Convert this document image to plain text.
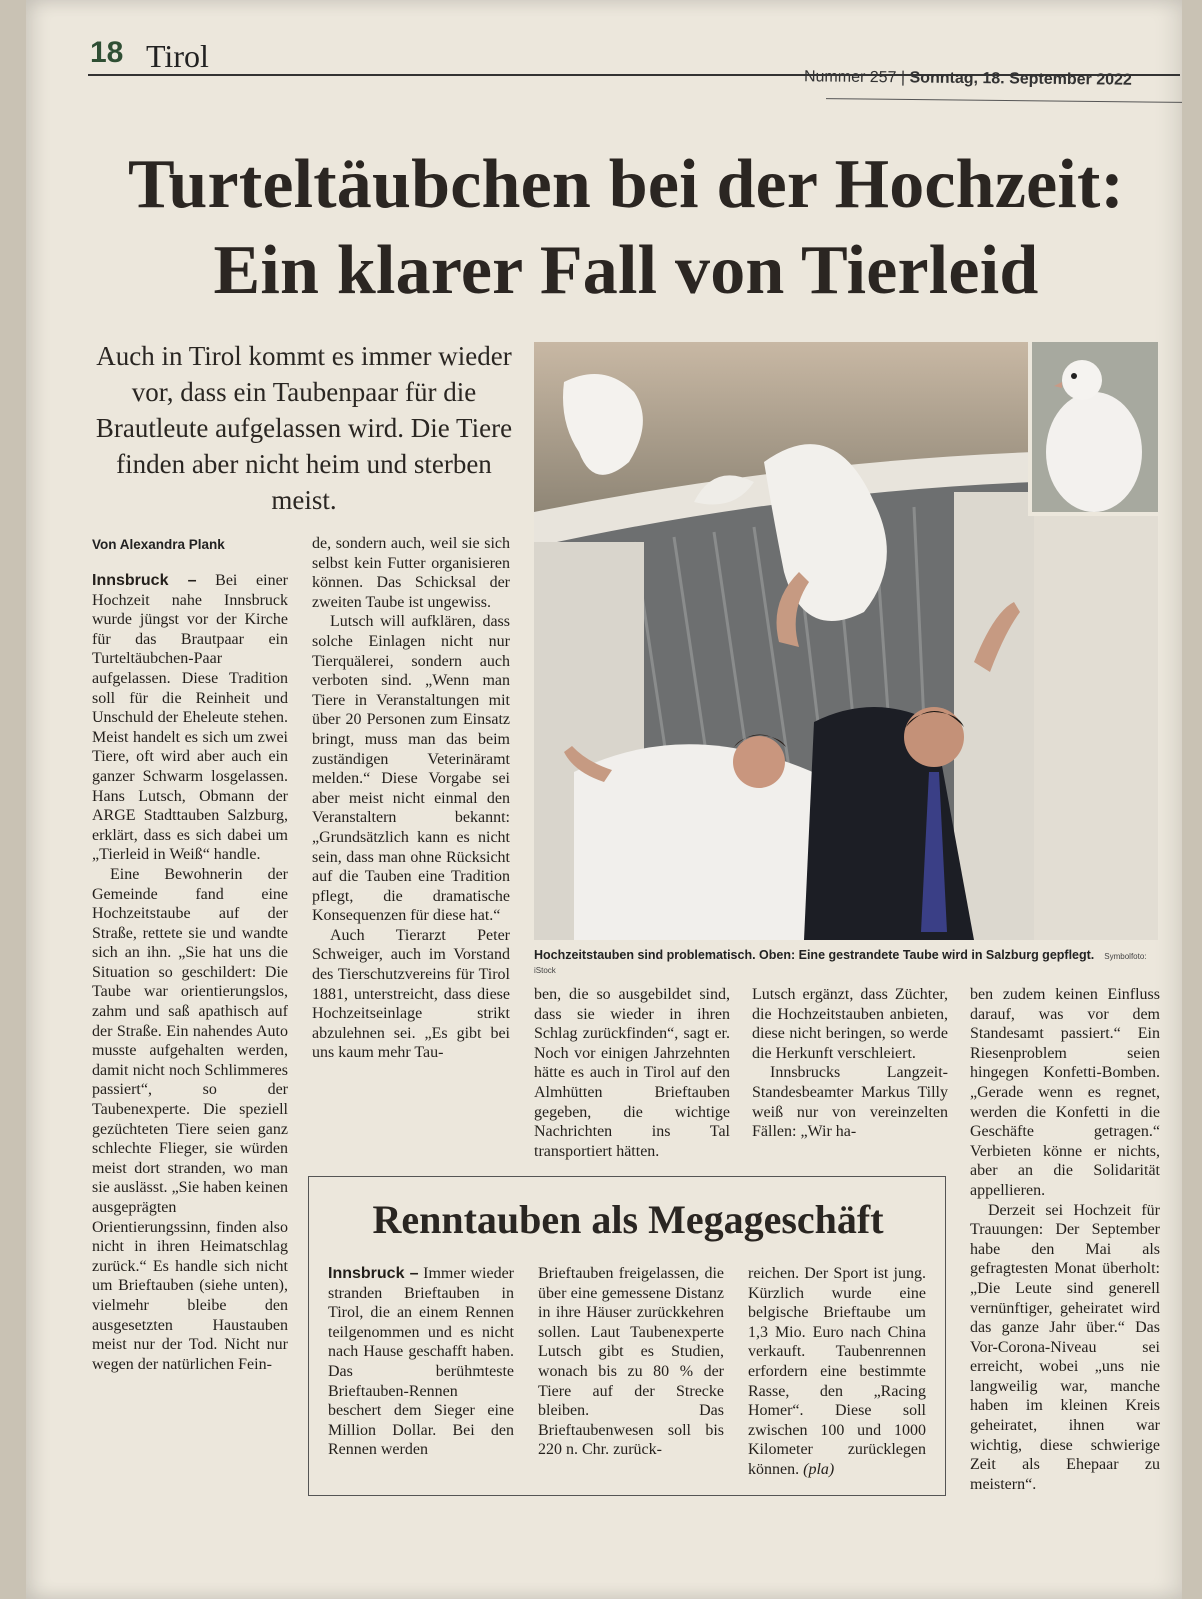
18 Tirol
Nummer 257 | Sonntag, 18. September 2022
Turteltäubchen bei der Hochzeit:
Ein klarer Fall von Tierleid
Auch in Tirol kommt es immer wieder vor, dass ein Taubenpaar für die Brautleute aufgelassen wird. Die Tiere finden aber nicht heim und sterben meist.
Von Alexandra Plank

Innsbruck – Bei einer Hochzeit nahe Innsbruck wurde jüngst vor der Kirche für das Brautpaar ein Turteltäubchen-Paar aufgelassen. Diese Tradition soll für die Reinheit und Unschuld der Eheleute stehen. Meist handelt es sich um zwei Tiere, oft wird aber auch ein ganzer Schwarm losgelassen. Hans Lutsch, Obmann der ARGE Stadttauben Salzburg, erklärt, dass es sich dabei um „Tierleid in Weiß“ handle.

Eine Bewohnerin der Gemeinde fand eine Hochzeitstaube auf der Straße, rettete sie und wandte sich an ihn. „Sie hat uns die Situation so geschildert: Die Taube war orientierungslos, zahm und saß apathisch auf der Straße. Ein nahendes Auto musste aufgehalten werden, damit nicht noch Schlimmeres passiert“, so der Taubenexperte. Die speziell gezüchteten Tiere seien ganz schlechte Flieger, sie würden meist dort stranden, wo man sie auslässt. „Sie haben keinen ausgeprägten Orientierungssinn, finden also nicht in ihren Heimatschlag zurück.“ Es handle sich nicht um Brieftauben (siehe unten), vielmehr bleibe den ausgesetzten Haustauben meist nur der Tod. Nicht nur wegen der natürlichen Fein-

de, sondern auch, weil sie sich selbst kein Futter organisieren können. Das Schicksal der zweiten Taube ist ungewiss.

Lutsch will aufklären, dass solche Einlagen nicht nur Tierquälerei, sondern auch verboten sind. „Wenn man Tiere in Veranstaltungen mit über 20 Personen zum Einsatz bringt, muss man das beim zuständigen Veterinäramt melden.“ Diese Vorgabe sei aber meist nicht einmal den Veranstaltern bekannt: „Grundsätzlich kann es nicht sein, dass man ohne Rücksicht auf die Tauben eine Tradition pflegt, die dramatische Konsequenzen für diese hat.“

Auch Tierarzt Peter Schweiger, auch im Vorstand des Tierschutzvereins für Tirol 1881, unterstreicht, dass diese Hochzeitseinlage strikt abzulehnen sei. „Es gibt bei uns kaum mehr Tau-

Hochzeitstauben sind problematisch. Oben: Eine gestrandete Taube wird in Salzburg gepflegt. Symbolfoto: iStock

ben, die so ausgebildet sind, dass sie wieder in ihren Schlag zurückfinden“, sagt er. Noch vor einigen Jahrzehnten hätte es auch in Tirol auf den Almhütten Brieftauben gegeben, die wichtige Nachrichten ins Tal transportiert hätten.

Lutsch ergänzt, dass Züchter, die Hochzeitstauben anbieten, diese nicht beringen, so werde die Herkunft verschleiert.

Innsbrucks Langzeit-Standesbeamter Markus Tilly weiß nur von vereinzelten Fällen: „Wir ha-

ben zudem keinen Einfluss darauf, was vor dem Standesamt passiert.“ Ein Riesenproblem seien hingegen Konfetti-Bomben. „Gerade wenn es regnet, werden die Konfetti in die Geschäfte getragen.“ Verbieten könne er nichts, aber an die Solidarität appellieren.

Derzeit sei Hochzeit für Trauungen: Der September habe den Mai als gefragtesten Monat überholt: „Die Leute sind generell vernünftiger, geheiratet wird das ganze Jahr über.“ Das Vor-Corona-Niveau sei erreicht, wobei „uns nie langweilig war, manche haben im kleinen Kreis geheiratet, ihnen war wichtig, diese schwierige Zeit als Ehepaar zu meistern“.

Renntauben als Megageschäft

Innsbruck – Immer wieder stranden Brieftauben in Tirol, die an einem Rennen teilgenommen und es nicht nach Hause geschafft haben. Das berühmteste Brieftauben-Rennen beschert dem Sieger eine Million Dollar. Bei den Rennen werden

Brieftauben freigelassen, die über eine gemessene Distanz in ihre Häuser zurückkehren sollen. Laut Taubenexperte Lutsch gibt es Studien, wonach bis zu 80 % der Tiere auf der Strecke bleiben. Das Brieftaubenwesen soll bis 220 n. Chr. zurück-

reichen. Der Sport ist jung. Kürzlich wurde eine belgische Brieftaube um 1,3 Mio. Euro nach China verkauft. Taubenrennen erfordern eine bestimmte Rasse, den „Racing Homer“. Diese soll zwischen 100 und 1000 Kilometer zurücklegen können. (pla)
